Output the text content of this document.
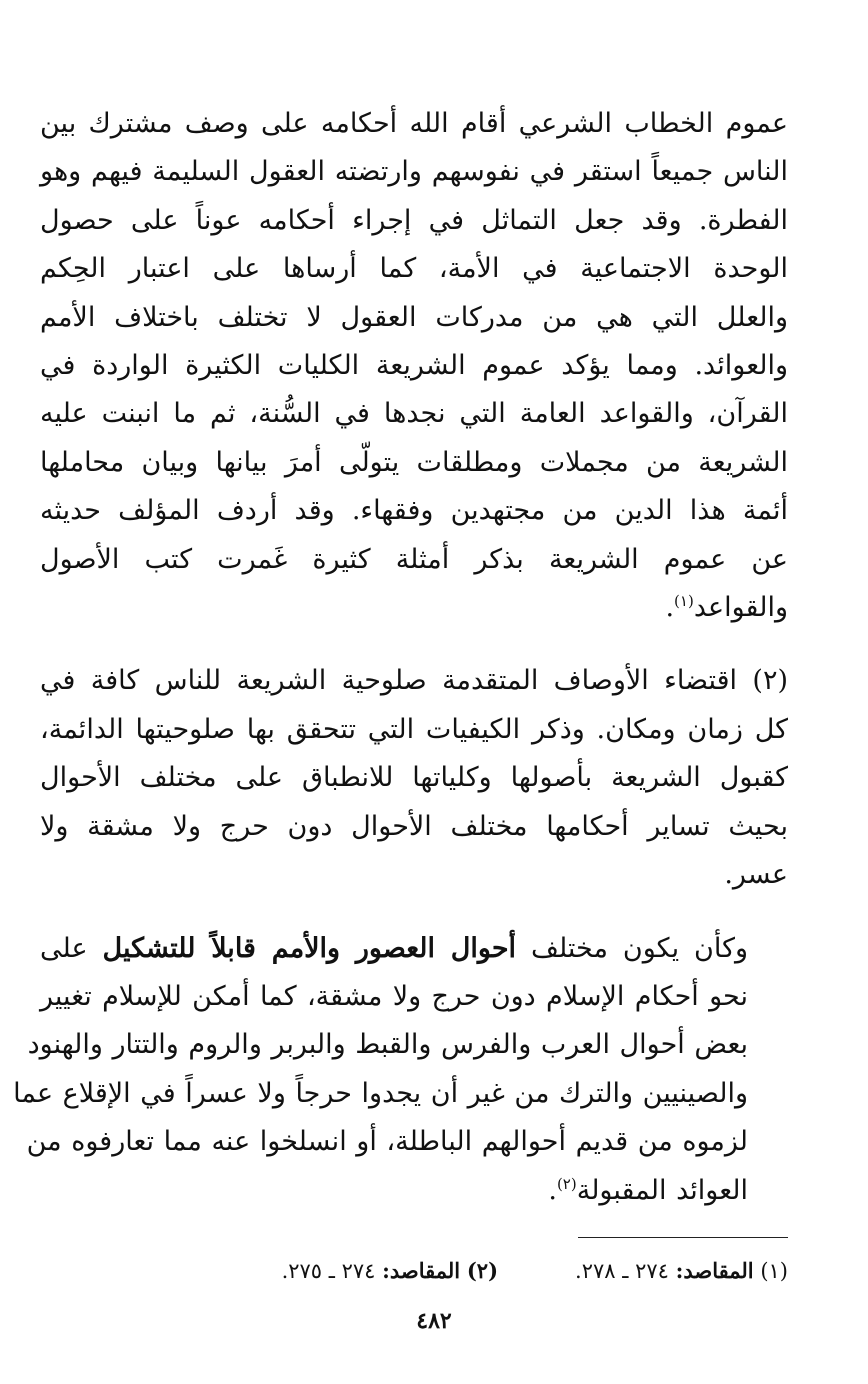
عموم الخطاب الشرعي أقام الله أحكامه على وصف مشترك بين
الناس جميعاً استقر في نفوسهم وارتضته العقول السليمة فيهم وهو
الفطرة. وقد جعل التماثل في إجراء أحكامه عوناً على حصول
الوحدة الاجتماعية في الأمة، كما أرساها على اعتبار الحِكم
والعلل التي هي من مدركات العقول لا تختلف باختلاف الأمم
والعوائد. ومما يؤكد عموم الشريعة الكليات الكثيرة الواردة في
القرآن، والقواعد العامة التي نجدها في السُّنة، ثم ما انبنت عليه
الشريعة من مجملات ومطلقات يتولّى أمرَ بيانها وبيان محاملها
أئمة هذا الدين من مجتهدين وفقهاء. وقد أردف المؤلف حديثه
عن عموم الشريعة بذكر أمثلة كثيرة غَمرت كتب الأصول
والقواعد$^{(١)}$.

(٢) اقتضاء الأوصاف المتقدمة صلوحية الشريعة للناس كافة في
كل زمان ومكان. وذكر الكيفيات التي تتحقق بها صلوحيتها الدائمة،
كقبول الشريعة بأصولها وكلياتها للانطباق على مختلف الأحوال
بحيث تساير أحكامها مختلف الأحوال دون حرج ولا مشقة ولا
عسر.

وكأن يكون مختلف أحوال العصور والأمم قابلاً للتشكيل على
نحو أحكام الإسلام دون حرج ولا مشقة، كما أمكن للإسلام تغيير
بعض أحوال العرب والفرس والقبط والبربر والروم والتتار والهنود
والصينيين والترك من غير أن يجدوا حرجاً ولا عسراً في الإقلاع عما
لزموه من قديم أحوالهم الباطلة، أو انسلخوا عنه مما تعارفوه من
العوائد المقبولة$^{(٢)}$.

(١) المقاصد: ٢٧٤ ـ ٢٧٨.
(٢) المقاصد: ٢٧٤ ـ ٢٧٥.
٤٨٢
